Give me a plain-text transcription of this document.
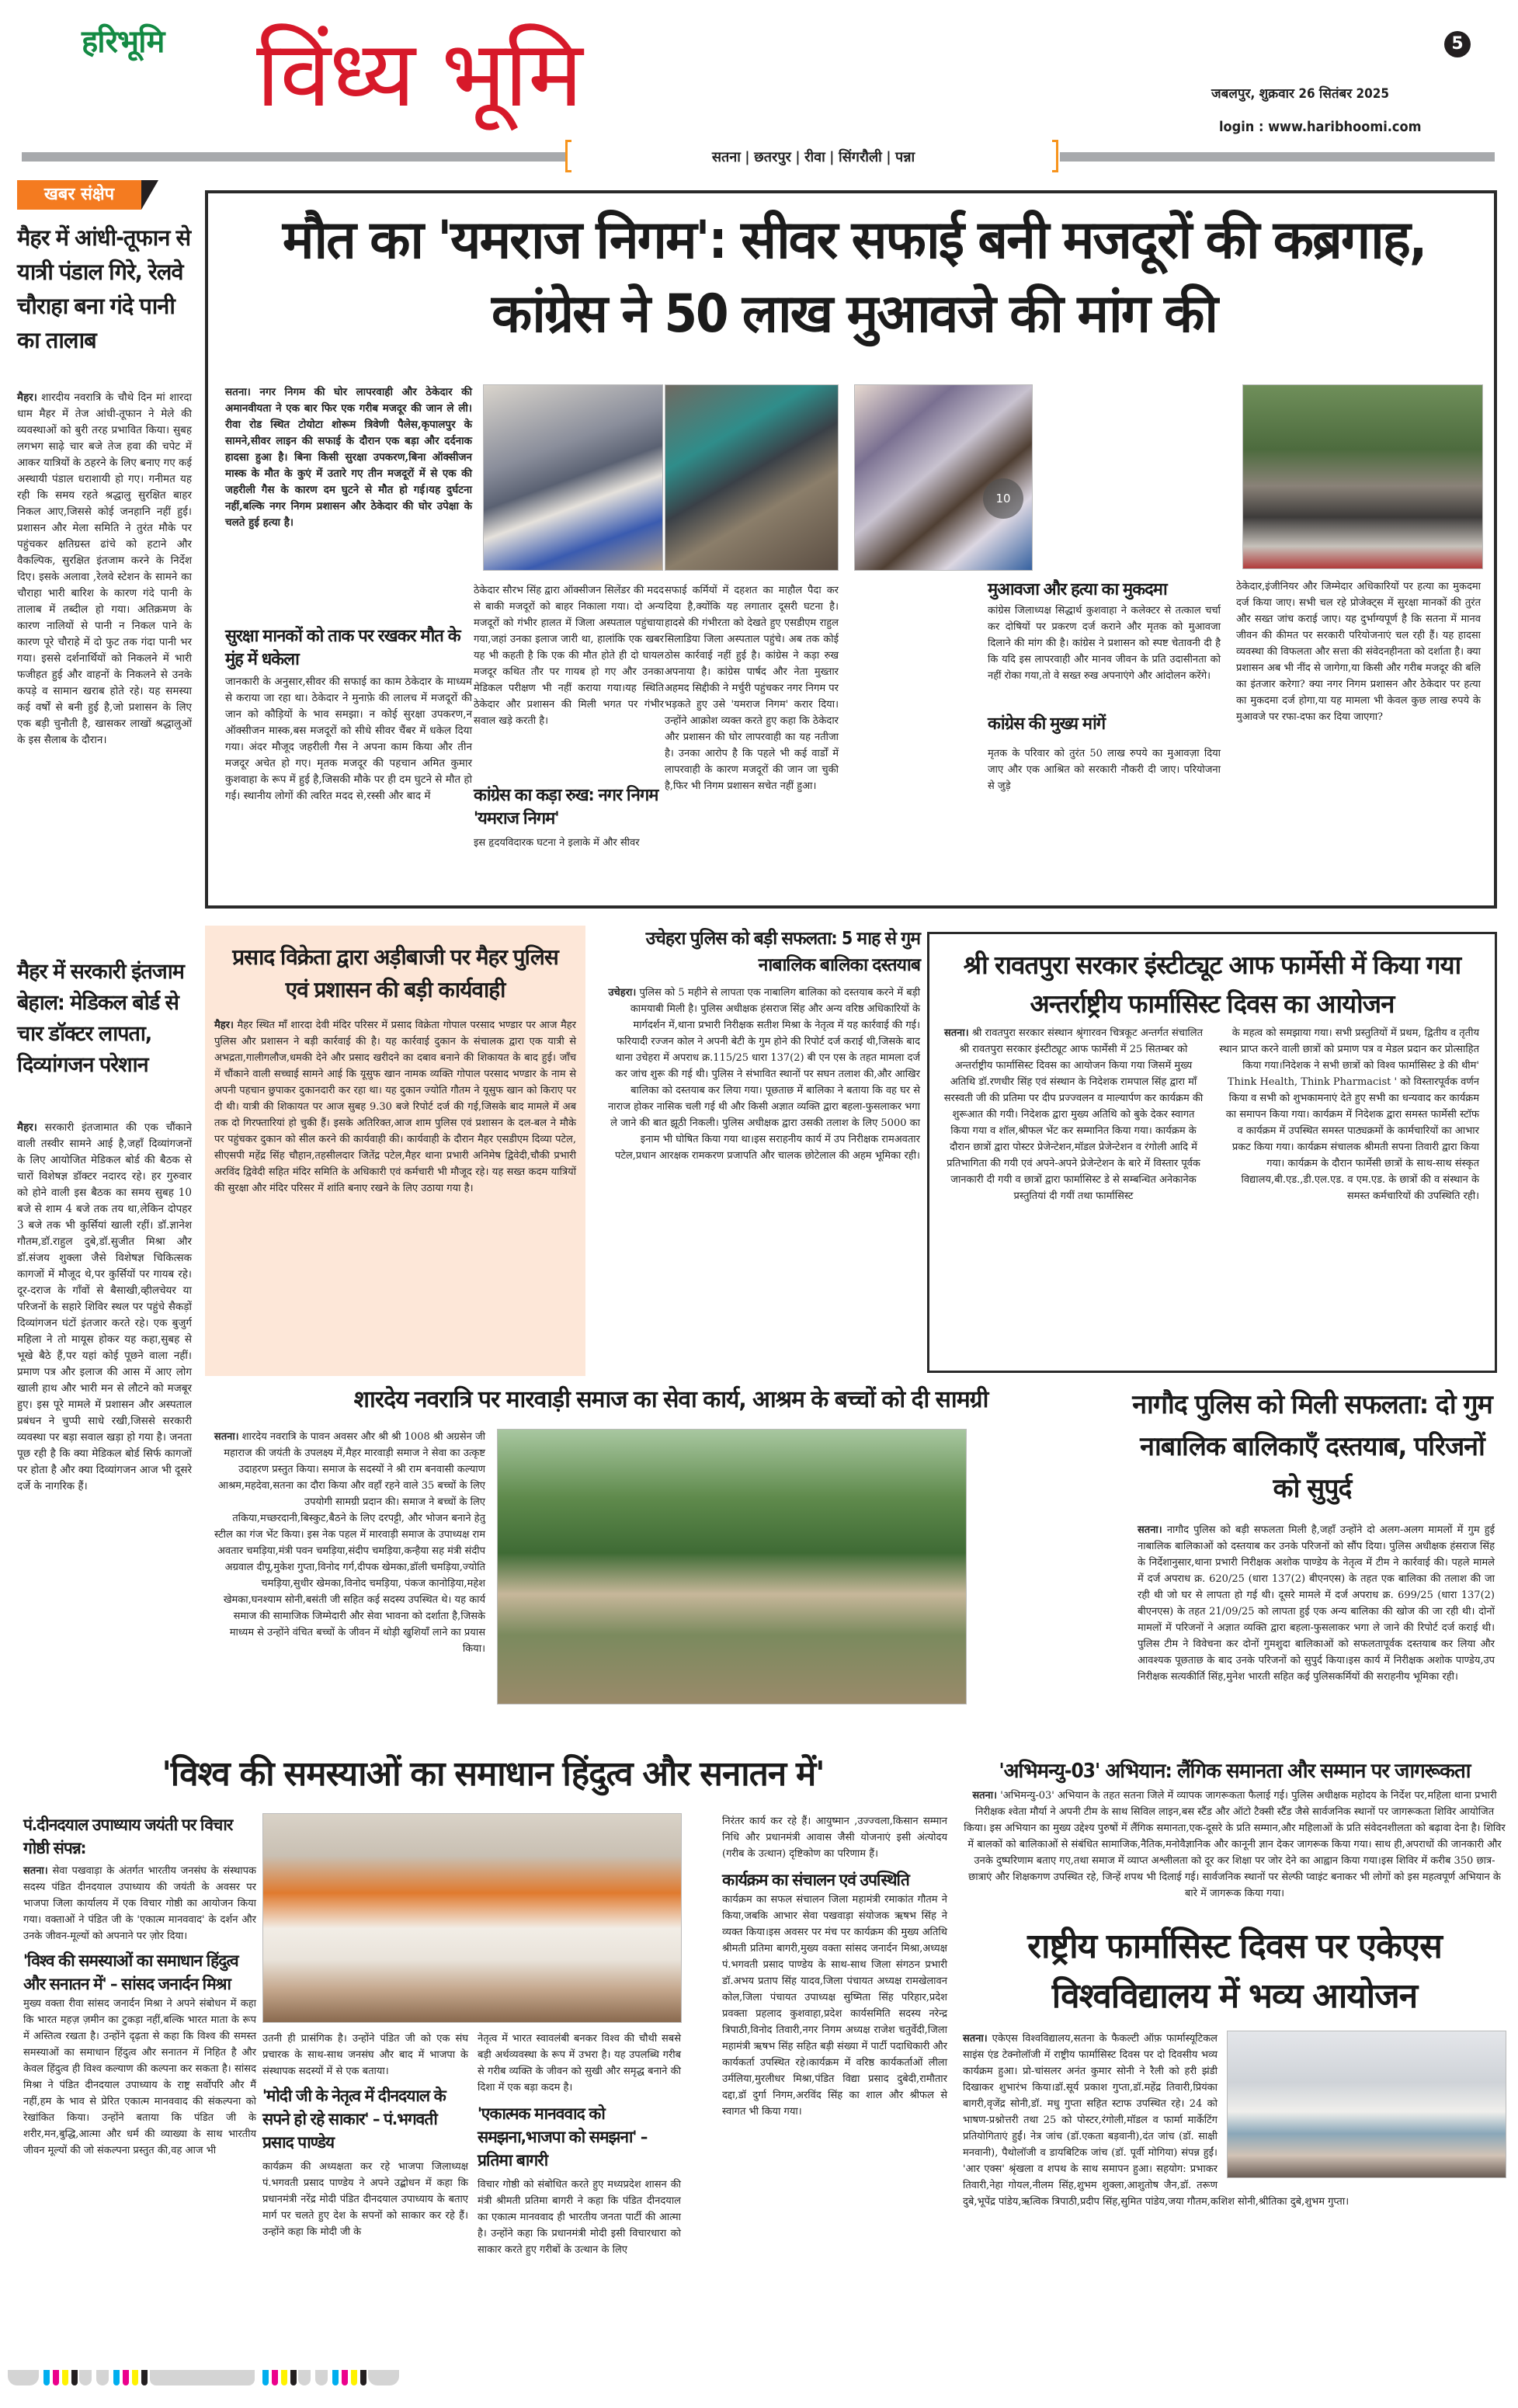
हरिभूमि विंध्य भूमि	5
जबलपुर, शुक्रवार 26 सितंबर 2025
login : www.haribhoomi.com
सतना | छतरपुर | रीवा | सिंगरौली | पन्ना
खबर संक्षेप
मैहर में आंधी-तूफान से यात्री पंडाल गिरे, रेलवे चौराहा बना गंदे पानी का तालाब
मैहर। शारदीय नवरात्रि के चौथे दिन मां शारदा धाम मैहर में तेज आंधी-तूफान ने मेले की व्यवस्थाओं को बुरी तरह प्रभावित किया। सुबह लगभग साढ़े चार बजे तेज हवा की चपेट में आकर यात्रियों के ठहरने के लिए बनाए गए कई अस्थायी पंडाल धराशायी हो गए। गनीमत यह रही कि समय रहते श्रद्धालु सुरक्षित बाहर निकल आए,जिससे कोई जनहानि नहीं हुई। प्रशासन और मेला समिति ने तुरंत मौके पर पहुंचकर क्षतिग्रस्त ढांचे को हटाने और वैकल्पिक, सुरक्षित इंतजाम करने के निर्देश दिए। इसके अलावा ,रेलवे स्टेशन के सामने का चौराहा भारी बारिश के कारण गंदे पानी के तालाब में तब्दील हो गया। अतिक्रमण के कारण नालियों से पानी न निकल पाने के कारण पूरे चौराहे में दो फुट तक गंदा पानी भर गया। इससे दर्शनार्थियों को निकलने में भारी फजीहत हुई और वाहनों के निकलने से उनके कपड़े व सामान खराब होते रहे। यह समस्या कई वर्षों से बनी हुई है,जो प्रशासन के लिए एक बड़ी चुनौती है, खासकर लाखों श्रद्धालुओं के इस सैलाब के दौरान।
मैहर में सरकारी इंतजाम बेहाल: मेडिकल बोर्ड से चार डॉक्टर लापता, दिव्यांगजन परेशान
मैहर। सरकारी इंतजामात की एक चौंकाने वाली तस्वीर सामने आई है,जहाँ दिव्यांगजनों के लिए आयोजित मेडिकल बोर्ड की बैठक से चारों विशेषज्ञ डॉक्टर नदारद रहे। हर गुरुवार को होने वाली इस बैठक का समय सुबह 10 बजे से शाम 4 बजे तक तय था,लेकिन दोपहर 3 बजे तक भी कुर्सियां खाली रहीं। डॉ.ज्ञानेश गौतम,डॉ.राहुल दुबे,डॉ.सुजीत मिश्रा और डॉ.संजय शुक्ला जैसे विशेषज्ञ चिकित्सक कागजों में मौजूद थे,पर कुर्सियों पर गायब रहे। दूर-दराज के गाँवों से बैसाखी,व्हीलचेयर या परिजनों के सहारे शिविर स्थल पर पहुंचे सैकड़ों दिव्यांगजन घंटों इंतजार करते रहे। एक बुजुर्ग महिला ने तो मायूस होकर यह कहा,सुबह से भूखे बैठे हैं,पर यहां कोई पूछने वाला नहीं। प्रमाण पत्र और इलाज की आस में आए लोग खाली हाथ और भारी मन से लौटने को मजबूर हुए। इस पूरे मामले में प्रशासन और अस्पताल प्रबंधन ने चुप्पी साधे रखी,जिससे सरकारी व्यवस्था पर बड़ा सवाल खड़ा हो गया है। जनता पूछ रही है कि क्या मेडिकल बोर्ड सिर्फ कागजों पर होता है और क्या दिव्यांगजन आज भी दूसरे दर्जे के नागरिक हैं।
मौत का 'यमराज निगम': सीवर सफाई बनी मजदूरों की कब्रगाह, कांग्रेस ने 50 लाख मुआवजे की मांग की
सतना। नगर निगम की घोर लापरवाही और ठेकेदार की अमानवीयता ने एक बार फिर एक गरीब मजदूर की जान ले ली। रीवा रोड स्थित टोयोटा शोरूम त्रिवेणी पैलेस,कृपालपुर के सामने,सीवर लाइन की सफाई के दौरान एक बड़ा और दर्दनाक हादसा हुआ है। बिना किसी सुरक्षा उपकरण,बिना ऑक्सीजन मास्क के मौत के कुएं में उतारे गए तीन मजदूरों में से एक की जहरीली गैस के कारण दम घुटने से मौत हो गई।यह दुर्घटना नहीं,बल्कि नगर निगम प्रशासन और ठेकेदार की घोर उपेक्षा के चलते हुई हत्या है।
सुरक्षा मानकों को ताक पर रखकर मौत के मुंह में धकेला
जानकारी के अनुसार,सीवर की सफाई का काम ठेकेदार के माध्यम से कराया जा रहा था। ठेकेदार ने मुनाफ़े की लालच में मजदूरों की जान को कौड़ियों के भाव समझा। न कोई सुरक्षा उपकरण,न ऑक्सीजन मास्क,बस मजदूरों को सीधे सीवर चैंबर में धकेल दिया गया। अंदर मौजूद जहरीली गैस ने अपना काम किया और तीन मजदूर अचेत हो गए। मृतक मजदूर की पहचान अमित कुमार कुशवाहा के रूप में हुई है,जिसकी मौके पर ही दम घुटने से मौत हो गई। स्थानीय लोगों की त्वरित मदद से,रस्सी और बाद में
ठेकेदार सौरभ सिंह द्वारा ऑक्सीजन सिलेंडर की मदद से बाकी मजदूरों को बाहर निकाला गया। दो अन्य मजदूरों को गंभीर हालत में जिला अस्पताल पहुंचाया गया,जहां उनका इलाज जारी था, हालांकि एक खबर यह भी कहती है कि एक की मौत होते ही दो घायल मजदूर कथित तौर पर गायब हो गए और उनका मेडिकल परीक्षण भी नहीं कराया गया।यह स्थिति ठेकेदार और प्रशासन की मिली भगत पर गंभीर सवाल खड़े करती है।
कांग्रेस का कड़ा रुख: नगर निगम 'यमराज निगम'
इस हृदयविदारक घटना ने इलाके में और सीवर
सफाई कर्मियों में दहशत का माहौल पैदा कर दिया है,क्योंकि यह लगातार दूसरी घटना है। हादसे की गंभीरता को देखते हुए एसडीएम राहुल सिलाडिया जिला अस्पताल पहुंचे। अब तक कोई ठोस कार्रवाई नहीं हुई है। कांग्रेस ने कड़ा रुख अपनाया है। कांग्रेस पार्षद और नेता मुख्तार अहमद सिद्दीकी ने मर्चुरी पहुंचकर नगर निगम पर भड़कते हुए उसे 'यमराज निगम' करार दिया। उन्होंने आक्रोश व्यक्त करते हुए कहा कि ठेकेदार और प्रशासन की घोर लापरवाही का यह नतीजा है। उनका आरोप है कि पहले भी कई वार्डों में लापरवाही के कारण मजदूरों की जान जा चुकी है,फिर भी निगम प्रशासन सचेत नहीं हुआ।
10
मुआवजा और हत्या का मुकदमा
कांग्रेस जिलाध्यक्ष सिद्धार्थ कुशवाहा ने कलेक्टर से तत्काल चर्चा कर दोषियों पर प्रकरण दर्ज कराने और मृतक को मुआवजा दिलाने की मांग की है। कांग्रेस ने प्रशासन को स्पष्ट चेतावनी दी है कि यदि इस लापरवाही और मानव जीवन के प्रति उदासीनता को नहीं रोका गया,तो वे सख्त रुख अपनाएंगे और आंदोलन करेंगे।
कांग्रेस की मुख्य मांगें
मृतक के परिवार को तुरंत 50 लाख रुपये का मुआवज़ा दिया जाए और एक आश्रित को सरकारी नौकरी दी जाए। परियोजना से जुड़े
ठेकेदार,इंजीनियर और जिम्मेदार अधिकारियों पर हत्या का मुकदमा दर्ज किया जाए। सभी चल रहे प्रोजेक्ट्स में सुरक्षा मानकों की तुरंत और सख्त जांच कराई जाए। यह दुर्भाग्यपूर्ण है कि सतना में मानव जीवन की कीमत पर सरकारी परियोजनाएं चल रही हैं। यह हादसा व्यवस्था की विफलता और सत्ता की संवेदनहीनता को दर्शाता है। क्या प्रशासन अब भी नींद से जागेगा,या किसी और गरीब मजदूर की बलि का इंतजार करेगा? क्या नगर निगम प्रशासन और ठेकेदार पर हत्या का मुकदमा दर्ज होगा,या यह मामला भी केवल कुछ लाख रुपये के मुआवजे पर रफा-दफा कर दिया जाएगा?
प्रसाद विक्रेता द्वारा अड़ीबाजी पर मैहर पुलिस एवं प्रशासन की बड़ी कार्यवाही
मैहर। मैहर स्थित माँ शारदा देवी मंदिर परिसर में प्रसाद विक्रेता गोपाल परसाद भण्डार पर आज मैहर पुलिस और प्रशासन ने बड़ी कार्रवाई की है। यह कार्रवाई दुकान के संचालक द्वारा एक यात्री से अभद्रता,गालीगलौज,धमकी देने और प्रसाद खरीदने का दबाव बनाने की शिकायत के बाद हुई। जाँच में चौंकाने वाली सच्चाई सामने आई कि यूसुफ खान नामक व्यक्ति गोपाल परसाद भण्डार के नाम से अपनी पहचान छुपाकर दुकानदारी कर रहा था। यह दुकान ज्योति गौतम ने यूसुफ खान को किराए पर दी थी। यात्री की शिकायत पर आज सुबह 9.30 बजे रिपोर्ट दर्ज की गई,जिसके बाद मामले में अब तक दो गिरफ्तारियां हो चुकी हैं। इसके अतिरिक्त,आज शाम पुलिस एवं प्रशासन के दल-बल ने मौके पर पहुंचकर दुकान को सील करने की कार्यवाही की। कार्यवाही के दौरान मैहर एसडीएम दिव्या पटेल, सीएसपी महेंद्र सिंह चौहान,तहसीलदार जितेंद्र पटेल,मैहर थाना प्रभारी अनिमेष द्विवेदी,चौकी प्रभारी अरविंद द्विवेदी सहित मंदिर समिति के अधिकारी एवं कर्मचारी भी मौजूद रहे। यह सख्त कदम यात्रियों की सुरक्षा और मंदिर परिसर में शांति बनाए रखने के लिए उठाया गया है।
उचेहरा पुलिस को बड़ी सफलता: 5 माह से गुम नाबालिक बालिका दस्तयाब
उचेहरा। पुलिस को 5 महीने से लापता एक नाबालिग बालिका को दस्तयाब करने में बड़ी कामयाबी मिली है। पुलिस अधीक्षक हंसराज सिंह और अन्य वरिष्ठ अधिकारियों के मार्गदर्शन में,थाना प्रभारी निरीक्षक सतीश मिश्रा के नेतृत्व में यह कार्रवाई की गई। फरियादी रज्जन कोल ने अपनी बेटी के गुम होने की रिपोर्ट दर्ज कराई थी,जिसके बाद थाना उचेहरा में अपराध क्र.115/25 धारा 137(2) बी एन एस के तहत मामला दर्ज कर जांच शुरू की गई थी। पुलिस ने संभावित स्थानों पर सघन तलाश की,और आखिर बालिका को दस्तयाब कर लिया गया। पूछताछ में बालिका ने बताया कि वह घर से नाराज होकर नासिक चली गई थी और किसी अज्ञात व्यक्ति द्वारा बहला-फुसलाकर भगा ले जाने की बात झूठी निकली। पुलिस अधीक्षक द्वारा उसकी तलाश के लिए 5000 का इनाम भी घोषित किया गया था।इस सराहनीय कार्य में उप निरीक्षक रामअवतार पटेल,प्रधान आरक्षक रामकरण प्रजापति और चालक छोटेलाल की अहम भूमिका रही।
श्री रावतपुरा सरकार इंस्टीट्यूट आफ फार्मेसी में किया गया अन्तर्राष्ट्रीय फार्मासिस्ट दिवस का आयोजन
सतना। श्री रावतपुरा सरकार संस्थान श्रृंगारवन चित्रकूट अन्तर्गत संचालित श्री रावतपुरा सरकार इंस्टीट्यूट आफ फार्मेसी में 25 सितम्बर को अन्तर्राष्ट्रीय फार्मासिस्ट दिवस का आयोजन किया गया जिसमें मुख्य अतिथि डॉ.रणधीर सिंह एवं संस्थान के निदेशक रामपाल सिंह द्वारा माँ सरस्वती जी की प्रतिमा पर दीप प्रज्ज्वलन व माल्यार्पण कर कार्यक्रम की शुरूआत की गयी। निदेशक द्वारा मुख्य अतिथि को बुके देकर स्वागत किया गया व शॉल,श्रीफल भेंट कर सम्मानित किया गया। कार्यक्रम के दौरान छात्रों द्वारा पोस्टर प्रेजेन्टेशन,मॉडल प्रेजेन्टेशन व रंगोली आदि में प्रतिभागिता की गयी एवं अपने-अपने प्रेजेन्टेशन के बारे में विस्तार पूर्वक जानकारी दी गयी व छात्रों द्वारा फार्मासिस्ट डे से सम्बन्धित अनेकानेक प्रस्तुतियां दी गयीं तथा फार्मासिस्ट
के महत्व को समझाया गया। सभी प्रस्तुतियों में प्रथम, द्वितीय व तृतीय स्थान प्राप्त करने वाली छात्रों को प्रमाण पत्र व मेडल प्रदान कर प्रोत्साहित किया गया।निदेशक ने सभी छात्रों को विश्व फार्मासिस्ट डे की थीम' Think Health, Think Pharmacist ' को विस्तारपूर्वक वर्णन किया व सभी को शुभकामनाएं देते हुए सभी का धन्यवाद कर कार्यक्रम का समापन किया गया। कार्यक्रम में निदेशक द्वारा समस्त फार्मेसी स्टॉफ व कार्यक्रम में उपस्थित समस्त पाठ्यक्रमों के कार्मचारियों का आभार प्रकट किया गया। कार्यक्रम संचालक श्रीमती सपना तिवारी द्वारा किया गया। कार्यक्रम के दौरान फार्मेसी छात्रों के साथ-साथ संस्कृत विद्यालय,बी.एड.,डी.एल.एड. व एम.एड. के छात्रों की व संस्थान के समस्त कर्मचारियों की उपस्थिति रही।
शारदेय नवरात्रि पर मारवाड़ी समाज का सेवा कार्य, आश्रम के बच्चों को दी सामग्री
सतना। शारदेय नवरात्रि के पावन अवसर और श्री श्री 1008 श्री अग्रसेन जी महाराज की जयंती के उपलक्ष्य में,मैहर मारवाड़ी समाज ने सेवा का उत्कृष्ट उदाहरण प्रस्तुत किया। समाज के सदस्यों ने श्री राम बनवासी कल्याण आश्रम,महदेवा,सतना का दौरा किया और वहाँ रहने वाले 35 बच्चों के लिए उपयोगी सामग्री प्रदान की। समाज ने बच्चों के लिए तकिया,मच्छरदानी,बिस्कुट,बैठने के लिए दरपट्टी, और भोजन बनाने हेतु स्टील का गंज भेंट किया। इस नेक पहल में मारवाड़ी समाज के उपाध्यक्ष राम अवतार चमड़िया,मंत्री पवन चमड़िया,संदीप चमड़िया,कन्हैया सह मंत्री संदीप अग्रवाल दीपू,मुकेश गुप्ता,विनोद गर्ग,दीपक खेमका,डॉली चमड़िया,ज्योति चमड़िया,सुधीर खेमका,विनोद चमड़िया, पंकज कानोड़िया,महेश खेमका,घनश्याम सोनी,बसंती जी सहित कई सदस्य उपस्थित थे। यह कार्य समाज की सामाजिक जिम्मेदारी और सेवा भावना को दर्शाता है,जिसके माध्यम से उन्होंने वंचित बच्चों के जीवन में थोड़ी खुशियाँ लाने का प्रयास किया।
नागौद पुलिस को मिली सफलता: दो गुम नाबालिक बालिकाएँ दस्तयाब, परिजनों को सुपुर्द
सतना। नागौद पुलिस को बड़ी सफलता मिली है,जहाँ उन्होंने दो अलग-अलग मामलों में गुम हुई नाबालिक बालिकाओं को दस्तयाब कर उनके परिजनों को सौंप दिया। पुलिस अधीक्षक हंसराज सिंह के निर्देशानुसार,थाना प्रभारी निरीक्षक अशोक पाण्डेय के नेतृत्व में टीम ने कार्रवाई की। पहले मामले में दर्ज अपराध क्र. 620/25 (धारा 137(2) बीएनएस) के तहत एक बालिका की तलाश की जा रही थी जो घर से लापता हो गई थी। दूसरे मामले में दर्ज अपराध क्र. 699/25 (धारा 137(2) बीएनएस) के तहत 21/09/25 को लापता हुई एक अन्य बालिका की खोज की जा रही थी। दोनों मामलों में परिजनों ने अज्ञात व्यक्ति द्वारा बहला-फुसलाकर भगा ले जाने की रिपोर्ट दर्ज कराई थी। पुलिस टीम ने विवेचना कर दोनों गुमशुदा बालिकाओं को सफलतापूर्वक दस्तयाब कर लिया और आवश्यक पूछताछ के बाद उनके परिजनों को सुपुर्द किया।इस कार्य में निरीक्षक अशोक पाण्डेय,उप निरीक्षक सत्यकीर्ति सिंह,मुनेश भारती सहित कई पुलिसकर्मियों की सराहनीय भूमिका रही।
'विश्व की समस्याओं का समाधान हिंदुत्व और सनातन में'
पं.दीनदयाल उपाध्याय जयंती पर विचार गोष्ठी संपन्न:
सतना। सेवा पखवाड़ा के अंतर्गत भारतीय जनसंघ के संस्थापक सदस्य पंडित दीनदयाल उपाध्याय की जयंती के अवसर पर भाजपा जिला कार्यालय में एक विचार गोष्ठी का आयोजन किया गया। वक्ताओं ने पंडित जी के 'एकात्म मानववाद' के दर्शन और उनके जीवन-मूल्यों को अपनाने पर ज़ोर दिया।
'विश्व की समस्याओं का समाधान हिंदुत्व और सनातन में' – सांसद जनार्दन मिश्रा
मुख्य वक्ता रीवा सांसद जनार्दन मिश्रा ने अपने संबोधन में कहा कि भारत महज़ ज़मीन का टुकड़ा नहीं,बल्कि भारत माता के रूप में अस्तित्व रखता है। उन्होंने दृढ़ता से कहा कि विश्व की समस्त समस्याओं का समाधान हिंदुत्व और सनातन में निहित है और केवल हिंदुत्व ही विश्व कल्याण की कल्पना कर सकता है। सांसद मिश्रा ने पंडित दीनदयाल उपाध्याय के राष्ट्र सर्वोपरि और मैं नहीं,हम के भाव से प्रेरित एकात्म मानववाद की संकल्पना को रेखांकित किया। उन्होंने बताया कि पंडित जी के शरीर,मन,बुद्धि,आत्मा और धर्म की व्याख्या के साथ भारतीय जीवन मूल्यों की जो संकल्पना प्रस्तुत की,वह आज भी
उतनी ही प्रासंगिक है। उन्होंने पंडित जी को एक संघ प्रचारक के साथ-साथ जनसंघ और बाद में भाजपा के संस्थापक सदस्यों में से एक बताया।
'मोदी जी के नेतृत्व में दीनदयाल के सपने हो रहे साकार' – पं.भगवती प्रसाद पाण्डेय
कार्यक्रम की अध्यक्षता कर रहे भाजपा जिलाध्यक्ष पं.भगवती प्रसाद पाण्डेय ने अपने उद्बोधन में कहा कि प्रधानमंत्री नरेंद्र मोदी पंडित दीनदयाल उपाध्याय के बताए मार्ग पर चलते हुए देश के सपनों को साकार कर रहे हैं। उन्होंने कहा कि मोदी जी के
नेतृत्व में भारत स्वावलंबी बनकर विश्व की चौथी सबसे बड़ी अर्थव्यवस्था के रूप में उभरा है। यह उपलब्धि गरीब से गरीब व्यक्ति के जीवन को सुखी और समृद्ध बनाने की दिशा में एक बड़ा कदम है।
'एकात्मक मानववाद को समझना,भाजपा को समझना' –प्रतिमा बागरी
विचार गोष्ठी को संबोधित करते हुए मध्यप्रदेश शासन की मंत्री श्रीमती प्रतिमा बागरी ने कहा कि पंडित दीनदयाल का एकात्म मानववाद ही भारतीय जनता पार्टी की आत्मा है। उन्होंने कहा कि प्रधानमंत्री मोदी इसी विचारधारा को साकार करते हुए गरीबों के उत्थान के लिए
निरंतर कार्य कर रहे हैं। आयुष्मान ,उज्ज्वला,किसान सम्मान निधि और प्रधानमंत्री आवास जैसी योजनाएं इसी अंत्योदय (गरीब के उत्थान) दृष्टिकोण का परिणाम हैं।
कार्यक्रम का संचालन एवं उपस्थिति
कार्यक्रम का सफल संचालन जिला महामंत्री रमाकांत गौतम ने किया,जबकि आभार सेवा पखवाड़ा संयोजक ऋषभ सिंह ने व्यक्त किया।इस अवसर पर मंच पर कार्यक्रम की मुख्य अतिथि श्रीमती प्रतिमा बागरी,मुख्य वक्ता सांसद जनार्दन मिश्रा,अध्यक्ष पं.भगवती प्रसाद पाण्डेय के साथ-साथ जिला संगठन प्रभारी डॉ.अभय प्रताप सिंह यादव,जिला पंचायत अध्यक्ष रामखेलावन कोल,जिला पंचायत उपाध्यक्ष सुष्मिता सिंह परिहार,प्रदेश प्रवक्ता प्रहलाद कुशवाहा,प्रदेश कार्यसमिति सदस्य नरेन्द्र त्रिपाठी,विनोद तिवारी,नगर निगम अध्यक्ष राजेश चतुर्वेदी,जिला महामंत्री ऋषभ सिंह सहित बड़ी संख्या में पार्टी पदाधिकारी और कार्यकर्ता उपस्थित रहे।कार्यक्रम में वरिष्ठ कार्यकर्ताओं लीला उर्मलिया,मुरलीधर मिश्रा,पंडित विद्या प्रसाद दुबेदी,रामौतार दद्दा,डॉ दुर्गा निगम,अरविंद सिंह का शाल और श्रीफल से स्वागत भी किया गया।
'अभिमन्यु-03' अभियान: लैंगिक समानता और सम्मान पर जागरूकता
सतना। 'अभिमन्यु-03' अभियान के तहत सतना जिले में व्यापक जागरूकता फैलाई गई। पुलिस अधीक्षक महोदय के निर्देश पर,महिला थाना प्रभारी निरीक्षक श्वेता मौर्या ने अपनी टीम के साथ सिविल लाइन,बस स्टैंड और ऑटो टैक्सी स्टैंड जैसे सार्वजनिक स्थानों पर जागरूकता शिविर आयोजित किया। इस अभियान का मुख्य उद्देश्य पुरुषों में लैंगिक समानता,एक-दूसरे के प्रति सम्मान,और महिलाओं के प्रति संवेदनशीलता को बढ़ावा देना है। शिविर में बालकों को बालिकाओं से संबंधित सामाजिक,नैतिक,मनोवैज्ञानिक और कानूनी ज्ञान देकर जागरूक किया गया। साथ ही,अपराधों की जानकारी और उनके दुष्परिणाम बताए गए,तथा समाज में व्याप्त अश्लीलता को दूर कर शिक्षा पर जोर देने का आह्वान किया गया।इस शिविर में करीब 350 छात्र-छात्राएं और शिक्षकगण उपस्थित रहे, जिन्हें शपथ भी दिलाई गई। सार्वजनिक स्थानों पर सेल्फी प्वाइंट बनाकर भी लोगों को इस महत्वपूर्ण अभियान के बारे में जागरूक किया गया।
राष्ट्रीय फार्मासिस्ट दिवस पर एकेएस विश्वविद्यालय में भव्य आयोजन
सतना। एकेएस विश्वविद्यालय,सतना के फैकल्टी ऑफ़ फार्मास्यूटिकल साइंस एंड टेक्नोलॉजी में राष्ट्रीय फार्मासिस्ट दिवस पर दो दिवसीय भव्य कार्यक्रम हुआ। प्रो-चांसलर अनंत कुमार सोनी ने रैली को हरी झंडी दिखाकर शुभारंभ किया।डॉ.सूर्य प्रकाश गुप्ता,डॉ.महेंद्र तिवारी,प्रियंका बागरी,वृजेंद्र सोनी,डॉ. मधु गुप्ता सहित स्टाफ उपस्थित रहे। 24 को भाषण-प्रश्नोत्तरी तथा 25 को पोस्टर,रंगोली,मॉडल व फार्मा मार्केटिंग प्रतियोगिताएं हुईं। नेत्र जांच (डॉ.एकता बड़वानी),दंत जांच (डॉ. साक्षी मनवानी), पैथोलॉजी व डायबिटिक जांच (डॉ. पूर्वी मोगिया) संपन्न हुईं। 'आर एक्स' श्रृंखला व शपथ के साथ समापन हुआ। सहयोग: प्रभाकर तिवारी,नेहा गोयल,नीलम सिंह,शुभम शुक्ला,आशुतोष जैन,डॉ. तरूण दुबे,भूपेंद्र पांडेय,ऋत्विक त्रिपाठी,प्रदीप सिंह,सुमित पांडेय,जया गौतम,कशिश सोनी,श्रीतिका दुबे,शुभम गुप्ता।
